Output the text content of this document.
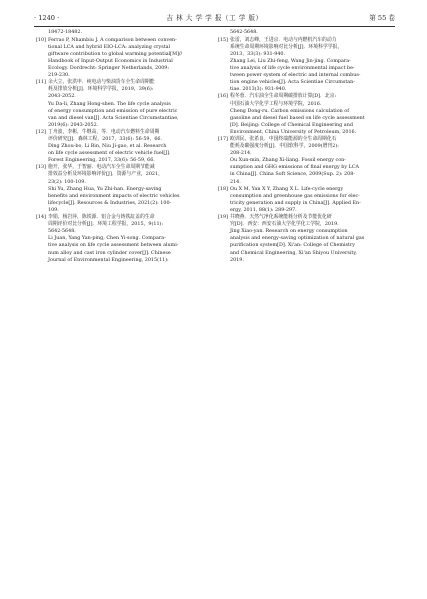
· 1240 ·	吉 林 大 学 学 报（工 学 版）	第 55 卷
18472-18482.
[10] Ferrao P, Nhambiu J. A comparison between conven-
tional LCA and hybrid EIO-LCA: analyzing crystal
giftware contribution to global warming potential[M]//
Handbook of Input-Output Economics in Industrial
Ecology. Dordrecht: Springer Netherlands, 2009:
219-230.
[11] 余大立，张洪申．纯电动与柴油货车全生命周期能
耗及排放分析[J]．环境科学学报，2019，39(6):
2043-2052.
Yu Da-li, Zhang Hong-shen. The life cycle analysis
of energy consumption and emission of pure electric
van and diesel van[J]. Acta Scientiae Circumstantiae,
2019(6): 2043-2052.
[12] 丁舟波，李彬，牛继高，等．电动汽车燃料生命周期
评价研究[J]．森林工程，2017，33(6): 56-59，66.
Ding Zhou-bo, Li Bin, Niu Ji-gao, et al. Research
on life cycle assessment of electric vehicle fuel[J].
Forest Engineering, 2017, 33(6): 56-59, 66.
[13] 施开，张华，于智丽．电动汽车全生命周期节能减
排效益分析及环境影响评价[J]．资源与产业，2021，
23(2): 100-109.
Shi Yu, Zhang Hua, Yu Zhi-han. Energy-saving
benefits and environment impacts of electric vehicles
lifecycle[J]. Resources & Industries, 2021(2): 100-
109.
[14] 李娟，杨岩萍，陈铁源．铝合金与铸铁缸盖的生命
周期评价对比分析[J]．环境工程学报，2015，9(11):
5642-5648.
Li Juan, Yang Yan-ping, Chen Yi-song. Compara-
tive analysis on life cycle assessment between alumi-
num alloy and cast iron cylinder cover[J]. Chinese
Journal of Environmental Engineering, 2015(11):
5642-5648.
[15] 张雷，刘志峰，王进京．电动与内燃机汽车的动力
系统生命周期环境影响对比分析[J]．环境科学学报，
2013，33(3): 931-940.
Zhang Lei, Liu Zhi-feng, Wang Jin-jing. Compara-
tive analysis of life cycle environmental impact be-
tween power system of electric and internal combus-
tion engine vehicles[J]. Acta Scientiae Circumstan-
tiae. 2013(3): 931-940.
[16] 程冬蓉．汽车油全生命周期碳排放计算[D]．北京:
中国石油大学化学工程与环境学院，2016.
Cheng Dong-ru. Carbon emissions calculation of
gasoline and diesel fuel based on life cycle assessment
[D]. Beijing: College of Chemical Engineering and
Environment, China University of Petroleum, 2016.
[17] 欧训民，张希良．中国终端能源的全生命周期化石
能耗及碳强度分析[J]．中国软科学，2009(增刊2):
208-214.
Ou Xun-min, Zhang Xi-liang. Fossil energy con-
sumption and GHG emissions of final energy by LCA
in China[J]. China Soft Science, 2009(Sup. 2): 208-
214.
[18] Ou X M, Yan X Y, Zhang X L. Life-cycle energy
consumption and greenhouse gas emissions for elec-
tricity generation and supply in China[J]. Applied En-
ergy, 2011, 88(1): 289-297.
[19] 井晓燕．天然气净化系统能耗分析及节能优化研
究[D]．西安：西安石油大学化学化工学院，2019.
Jing Xiao-yan. Research on energy consumption
analysis and energy-saving optimization of natural gas
purification system[D]. Xi'an: College of Chemistry
and Chemical Engineering, Xi'an Shiyou University,
2019.
